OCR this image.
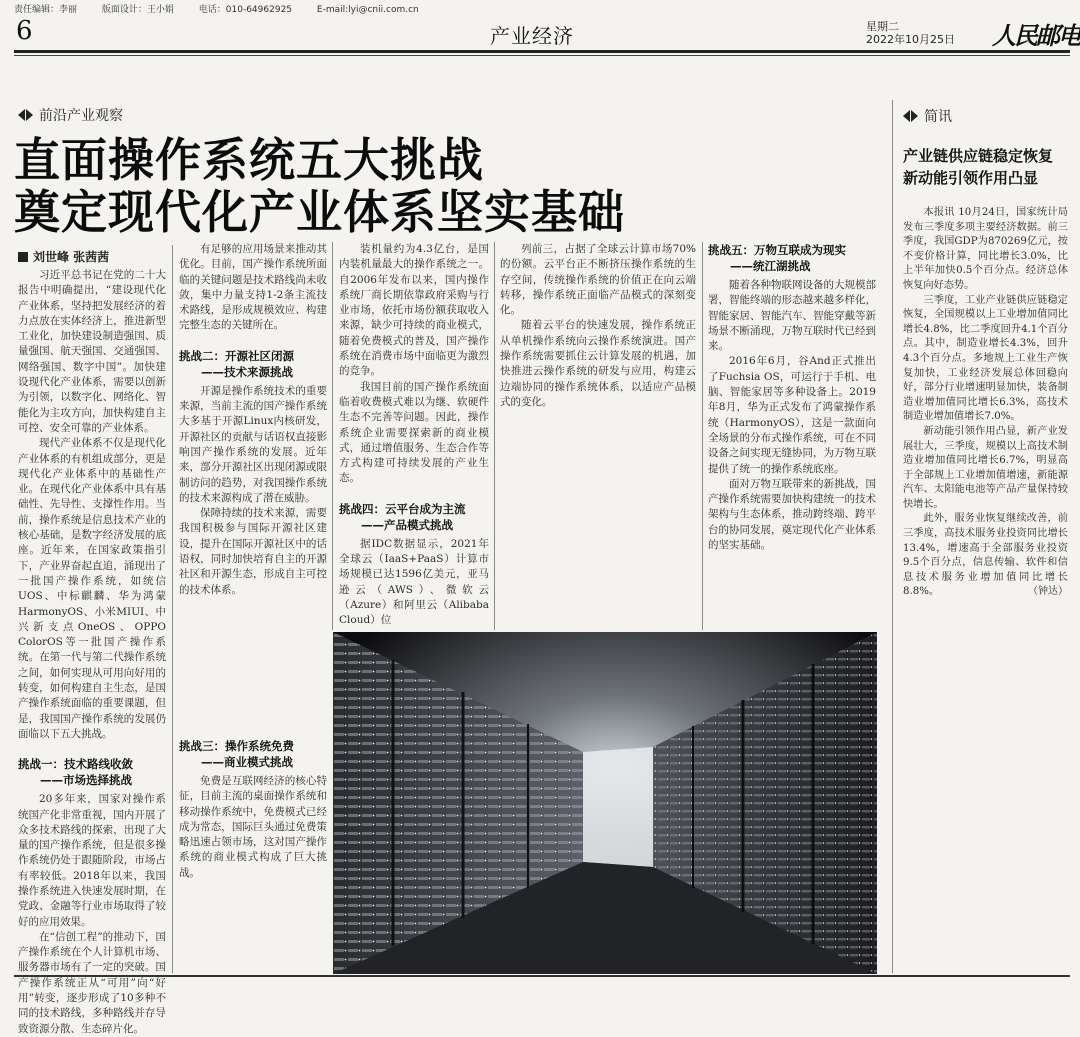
责任编辑：李丽	版面设计：王小娟	电话：010-64962925	E-mail:lyi@cnii.com.cn
6	产业经济	星期二
2022年10月25日 人民邮电
前沿产业观察
直面操作系统五大挑战
奠定现代化产业体系坚实基础
刘世峰 张茜茜

习近平总书记在党的二十大报告中明确提出，“建设现代化产业体系，坚持把发展经济的着力点放在实体经济上，推进新型工业化，加快建设制造强国、质量强国、航天强国、交通强国、网络强国、数字中国”。加快建设现代化产业体系，需要以创新为引领，以数字化、网络化、智能化为主攻方向，加快构建自主可控、安全可靠的产业体系。

现代产业体系不仅是现代化产业体系的有机组成部分，更是现代化产业体系中的基础性产业。在现代化产业体系中具有基础性、先导性、支撑性作用。当前，操作系统是信息技术产业的核心基础，是数字经济发展的底座。近年来，在国家政策指引下，产业界奋起直追，涌现出了一批国产操作系统，如统信UOS、中标麒麟、华为鸿蒙HarmonyOS、小米MIUI、中兴新支点OneOS、OPPO ColorOS等一批国产操作系统。在第一代与第二代操作系统之间，如何实现从可用向好用的转变，如何构建自主生态，是国产操作系统面临的重要课题，但是，我国国产操作系统的发展仍面临以下五大挑战。

挑战一：技术路线收敛
——市场选择挑战

20多年来，国家对操作系统国产化非常重视，国内开展了众多技术路线的探索，出现了大量的国产操作系统，但是很多操作系统仍处于跟随阶段，市场占有率较低。2018年以来，我国操作系统进入快速发展时期，在党政、金融等行业市场取得了较好的应用效果。

在“信创工程”的推动下，国产操作系统在个人计算机市场、服务器市场有了一定的突破。国产操作系统正从“可用”向“好用”转变，逐步形成了10多种不同的技术路线，多种路线并存导致资源分散、生态碎片化。

有足够的应用场景来推动其优化。目前，国产操作系统所面临的关键问题是技术路线尚未收敛，集中力量支持1-2条主流技术路线，是形成规模效应、构建完整生态的关键所在。

挑战二：开源社区闭源
——技术来源挑战

开源是操作系统技术的重要来源，当前主流的国产操作系统大多基于开源Linux内核研发，开源社区的贡献与话语权直接影响国产操作系统的发展。近年来，部分开源社区出现闭源或限制访问的趋势，对我国操作系统的技术来源构成了潜在威胁。

保障持续的技术来源，需要我国积极参与国际开源社区建设，提升在国际开源社区中的话语权，同时加快培育自主的开源社区和开源生态，形成自主可控的技术体系。

挑战三：操作系统免费
——商业模式挑战

免费是互联网经济的核心特征，目前主流的桌面操作系统和移动操作系统中，免费模式已经成为常态，国际巨头通过免费策略迅速占领市场，这对国产操作系统的商业模式构成了巨大挑战。

装机量约为4.3亿台，是国内装机量最大的操作系统之一。自2006年发布以来，国内操作系统厂商长期依靠政府采购与行业市场，依托市场份额获取收入来源，缺少可持续的商业模式，随着免费模式的普及，国产操作系统在消费市场中面临更为激烈的竞争。

我国目前的国产操作系统面临着收费模式难以为继、软硬件生态不完善等问题。因此，操作系统企业需要探索新的商业模式，通过增值服务、生态合作等方式构建可持续发展的产业生态。

挑战四：云平台成为主流
——产品模式挑战

据IDC数据显示，2021年全球云（IaaS+PaaS）计算市场规模已达1596亿美元，亚马逊云（AWS）、微软云（Azure）和阿里云（Alibaba Cloud）位

列前三，占据了全球云计算市场70%的份额。云平台正不断挤压操作系统的生存空间，传统操作系统的价值正在向云端转移，操作系统正面临产品模式的深刻变化。

随着云平台的快速发展，操作系统正从单机操作系统向云操作系统演进。国产操作系统需要抓住云计算发展的机遇，加快推进云操作系统的研发与应用，构建云边端协同的操作系统体系，以适应产品模式的变化。

挑战五：万物互联成为现实
——统江湖挑战

随着各种物联网设备的大规模部署，智能终端的形态越来越多样化，智能家居、智能汽车、智能穿戴等新场景不断涌现，万物互联时代已经到来。

2016年6月，谷And正式推出了Fuchsia OS，可运行于手机、电脑、智能家居等多种设备上。2019年8月，华为正式发布了鸿蒙操作系统（HarmonyOS），这是一款面向全场景的分布式操作系统，可在不同设备之间实现无缝协同，为万物互联提供了统一的操作系统底座。

面对万物互联带来的新挑战，国产操作系统需要加快构建统一的技术架构与生态体系，推动跨终端、跨平台的协同发展，奠定现代化产业体系的坚实基础。

简讯
产业链供应链稳定恢复 新动能引领作用凸显

本报讯 10月24日，国家统计局发布三季度多项主要经济数据。前三季度，我国GDP为870269亿元，按不变价格计算，同比增长3.0%，比上半年加快0.5个百分点。经济总体恢复向好态势。

三季度，工业产业链供应链稳定恢复，全国规模以上工业增加值同比增长4.8%，比二季度回升4.1个百分点。其中，制造业增长4.3%，回升4.3个百分点。多地规上工业生产恢复加快，工业经济发展总体回稳向好，部分行业增速明显加快，装备制造业增加值同比增长6.3%，高技术制造业增加值增长7.0%。

新动能引领作用凸显，新产业发展壮大，三季度，规模以上高技术制造业增加值同比增长6.7%，明显高于全部规上工业增加值增速，新能源汽车、太阳能电池等产品产量保持较快增长。

此外，服务业恢复继续改善，前三季度，高技术服务业投资同比增长13.4%，增速高于全部服务业投资9.5个百分点，信息传输、软件和信息技术服务业增加值同比增长8.8%。	（钟达）
